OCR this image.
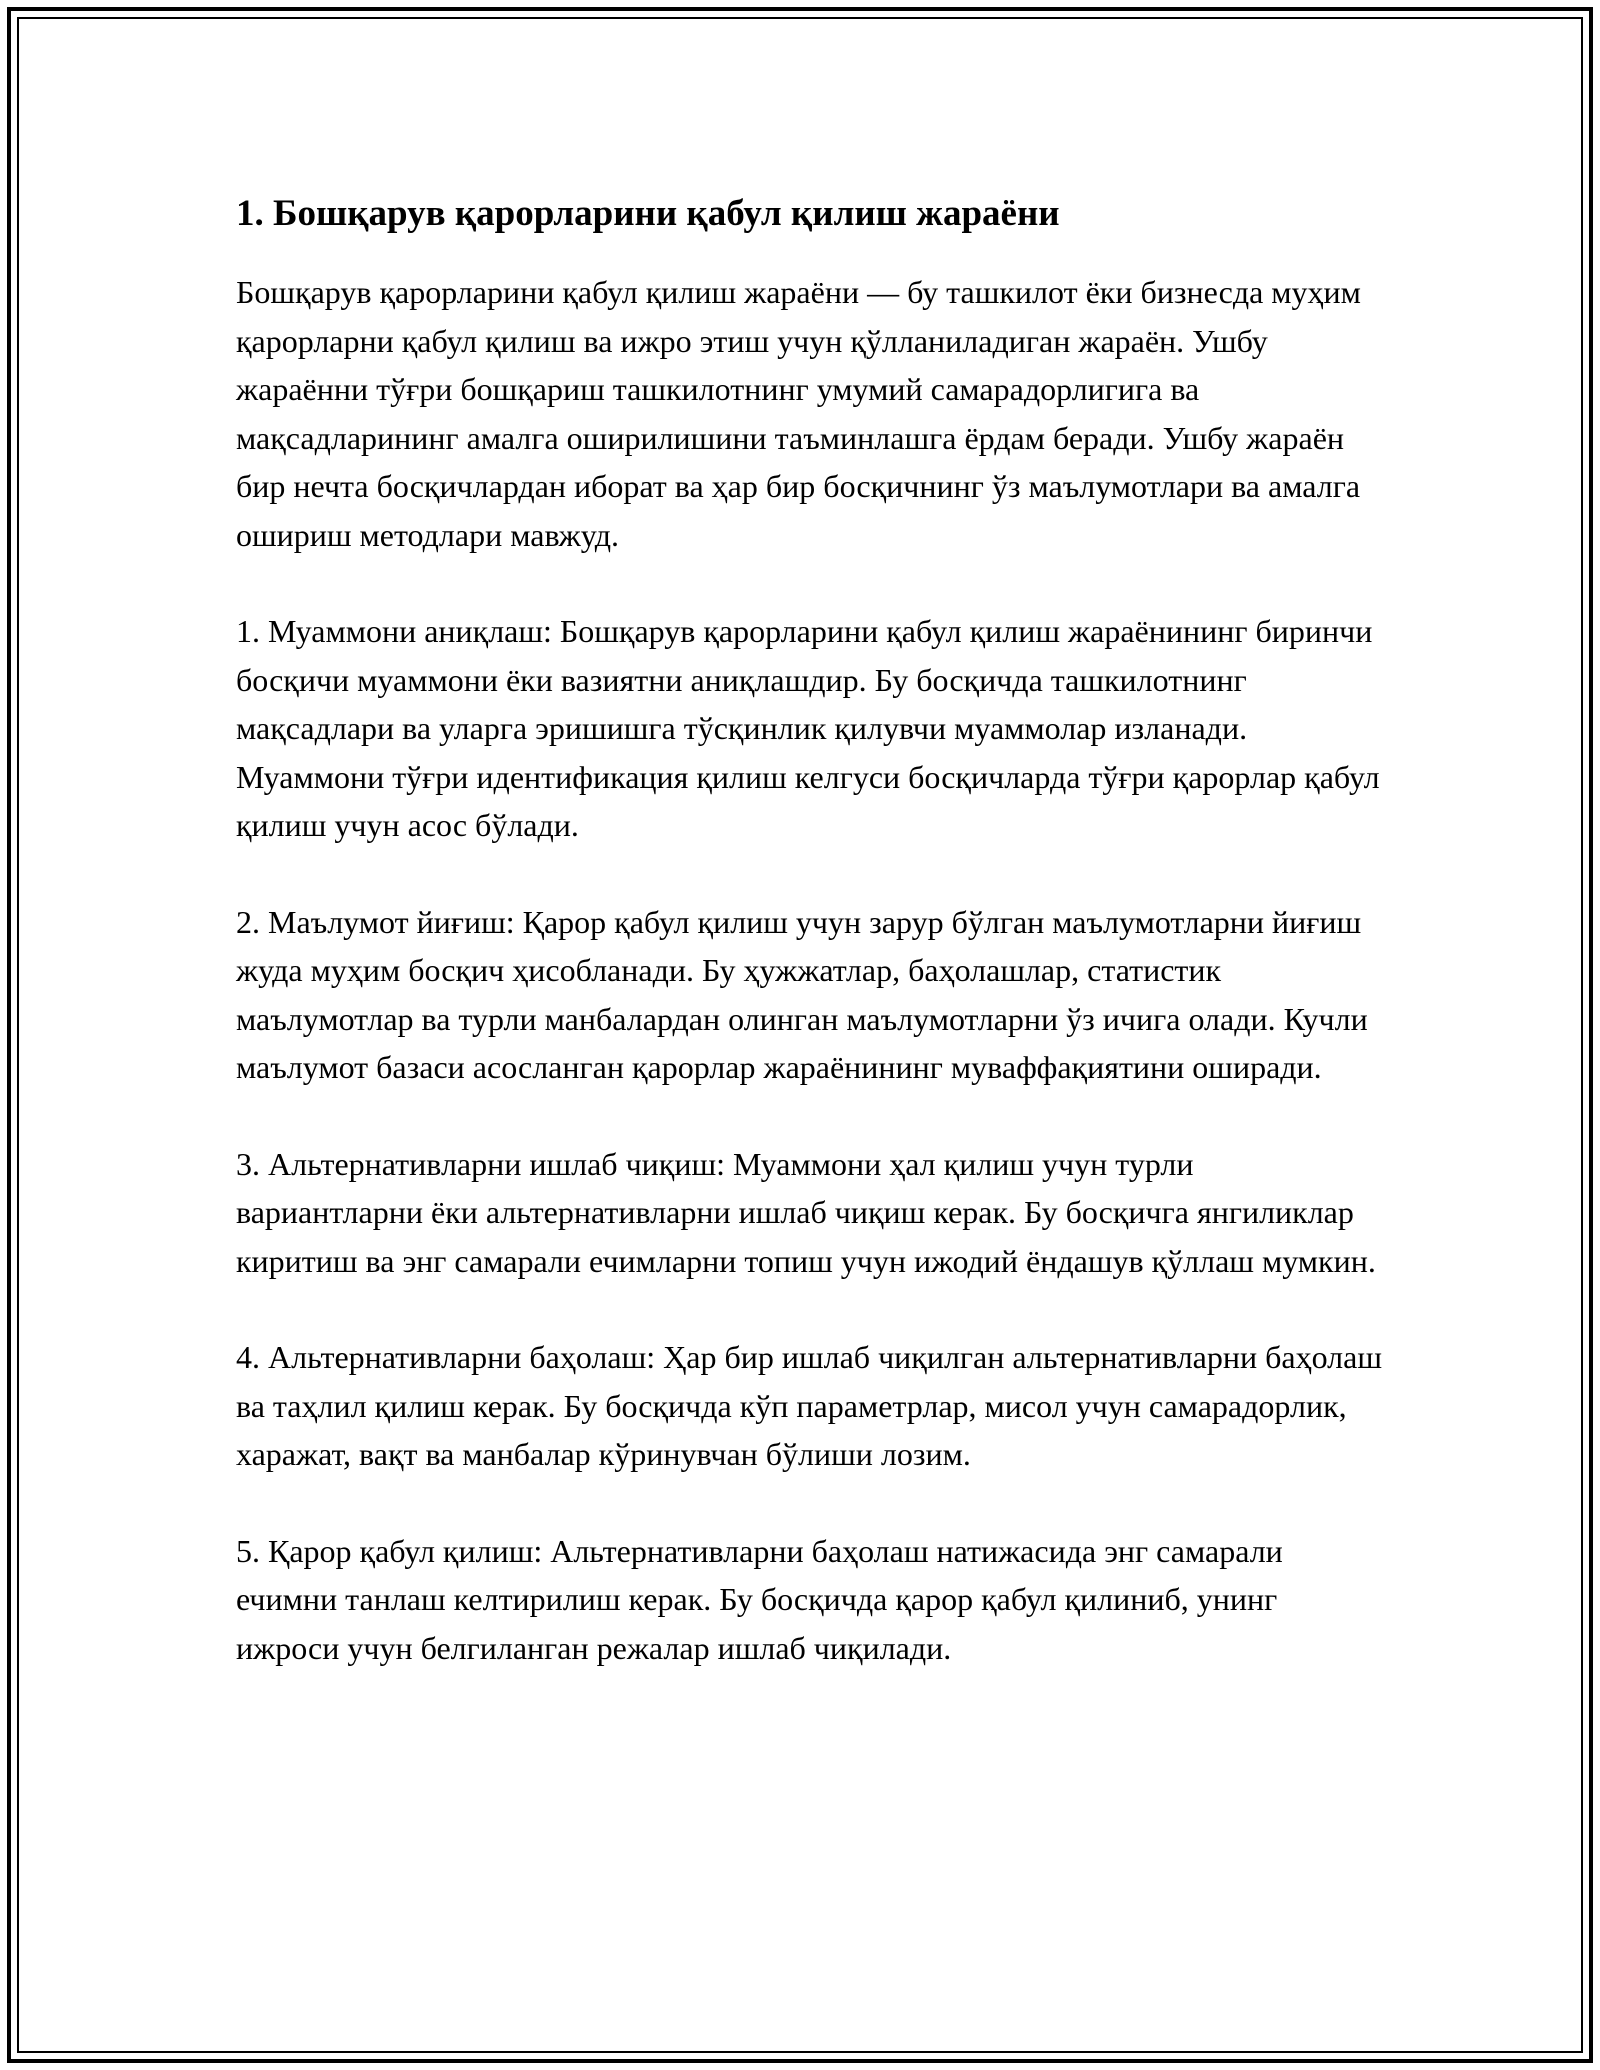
1. Бошқарув қарорларини қабул қилиш жараёни

Бошқарув қарорларини қабул қилиш жараёни — бу ташкилот ёки бизнесда муҳим қарорларни қабул қилиш ва ижро этиш учун қўлланиладиган жараён. Ушбу жараённи тўғри бошқариш ташкилотнинг умумий самарадорлигига ва мақсадларининг амалга оширилишини таъминлашга ёрдам беради. Ушбу жараён бир нечта босқичлардан иборат ва ҳар бир босқичнинг ўз маълумотлари ва амалга ошириш методлари мавжуд.

1. Муаммони аниқлаш: Бошқарув қарорларини қабул қилиш жараёнининг биринчи босқичи муаммони ёки вазиятни аниқлашдир. Бу босқичда ташкилотнинг мақсадлари ва уларга эришишга тўсқинлик қилувчи муаммолар изланади. Муаммони тўғри идентификация қилиш келгуси босқичларда тўғри қарорлар қабул қилиш учун асос бўлади.

2. Маълумот йиғиш: Қарор қабул қилиш учун зарур бўлган маълумотларни йиғиш жуда муҳим босқич ҳисобланади. Бу ҳужжатлар, баҳолашлар, статистик маълумотлар ва турли манбалардан олинган маълумотларни ўз ичига олади. Кучли маълумот базаси асосланган қарорлар жараёнининг муваффақиятини оширади.

3. Альтернативларни ишлаб чиқиш: Муаммони ҳал қилиш учун турли вариантларни ёки альтернативларни ишлаб чиқиш керак. Бу босқичга янгиликлар киритиш ва энг самарали ечимларни топиш учун ижодий ёндашув қўллаш мумкин.

4. Альтернативларни баҳолаш: Ҳар бир ишлаб чиқилган альтернативларни баҳолаш ва таҳлил қилиш керак. Бу босқичда кўп параметрлар, мисол учун самарадорлик, харажат, вақт ва манбалар кўринувчан бўлиши лозим.

5. Қарор қабул қилиш: Альтернативларни баҳолаш натижасида энг самарали ечимни танлаш келтирилиш керак. Бу босқичда қарор қабул қилиниб, унинг ижроси учун белгиланган режалар ишлаб чиқилади.
